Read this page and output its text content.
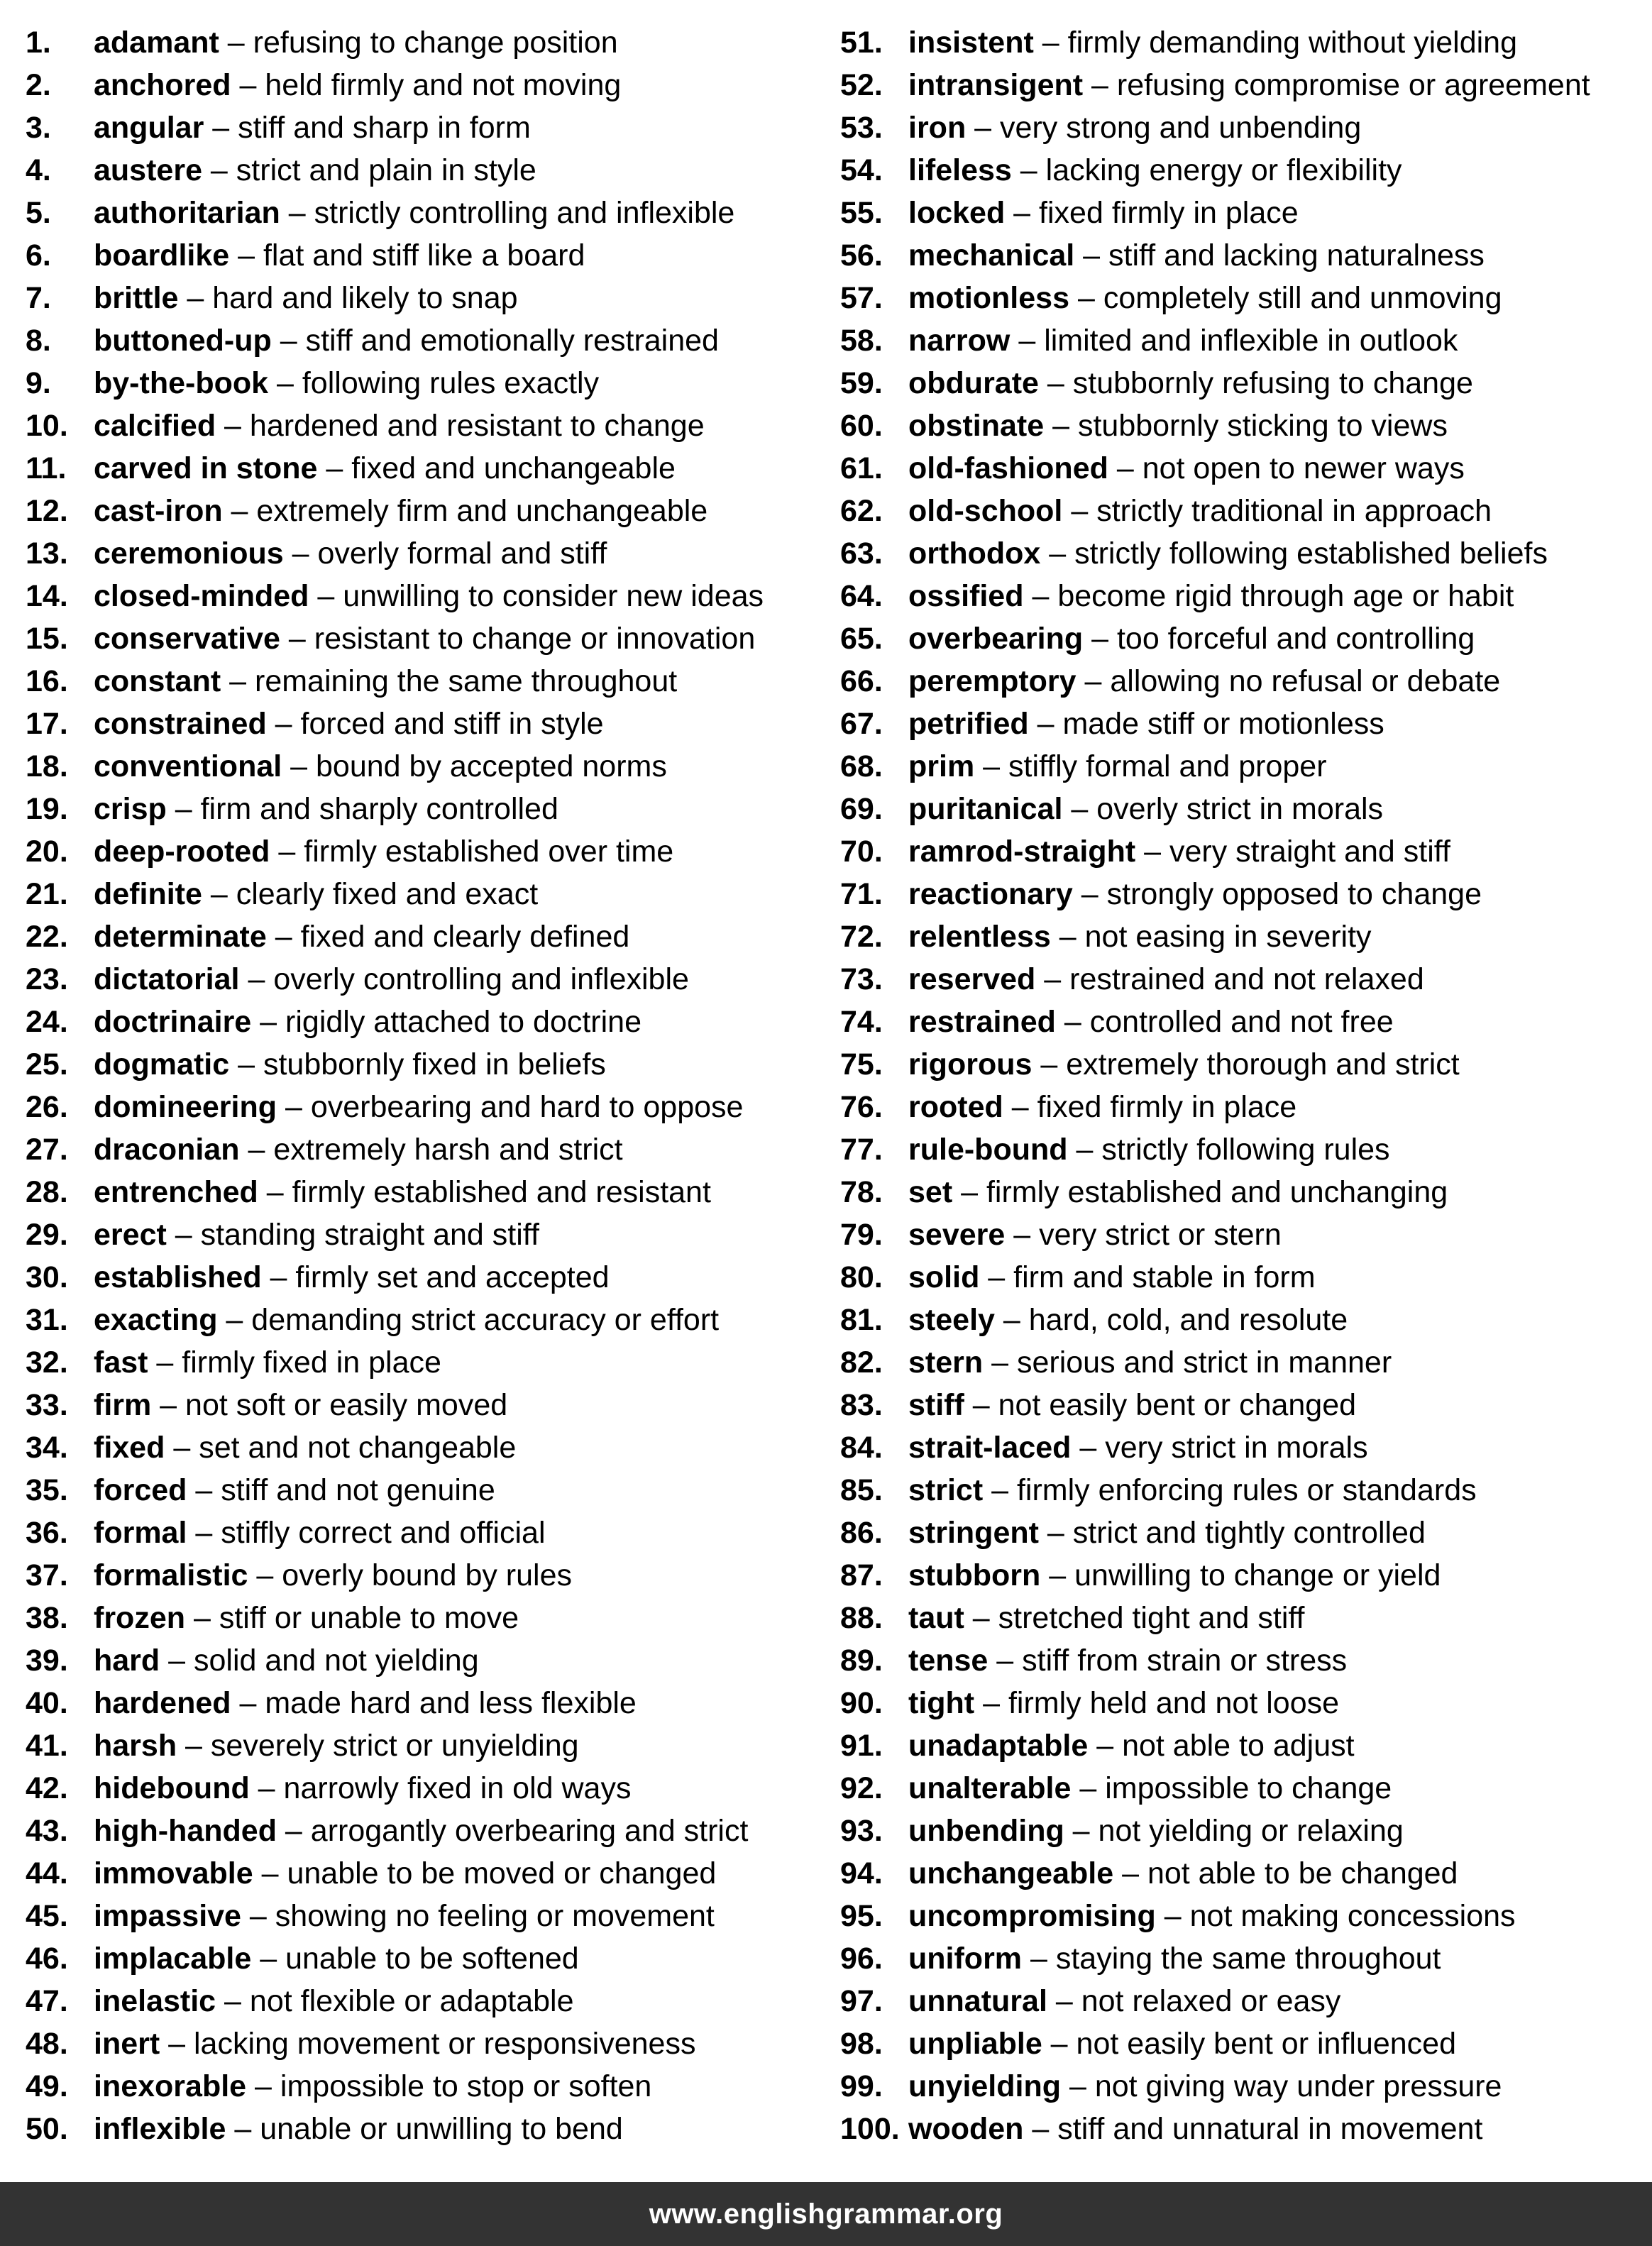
1.	adamant – refusing to change position
2.	anchored – held firmly and not moving
3.	angular – stiff and sharp in form
4.	austere – strict and plain in style
5.	authoritarian – strictly controlling and inflexible
6.	boardlike – flat and stiff like a board
7.	brittle – hard and likely to snap
8.	buttoned-up – stiff and emotionally restrained
9.	by-the-book – following rules exactly
10. calcified – hardened and resistant to change
11. carved in stone – fixed and unchangeable
12. cast-iron – extremely firm and unchangeable
13. ceremonious – overly formal and stiff
14. closed-minded – unwilling to consider new ideas
15. conservative – resistant to change or innovation
16. constant – remaining the same throughout
17. constrained – forced and stiff in style
18. conventional – bound by accepted norms
19. crisp – firm and sharply controlled
20. deep-rooted – firmly established over time
21. definite – clearly fixed and exact
22. determinate – fixed and clearly defined
23. dictatorial – overly controlling and inflexible
24. doctrinaire – rigidly attached to doctrine
25. dogmatic – stubbornly fixed in beliefs
26. domineering – overbearing and hard to oppose
27. draconian – extremely harsh and strict
28. entrenched – firmly established and resistant
29. erect – standing straight and stiff
30. established – firmly set and accepted
31. exacting – demanding strict accuracy or effort
32. fast – firmly fixed in place
33. firm – not soft or easily moved
34. fixed – set and not changeable
35. forced – stiff and not genuine
36. formal – stiffly correct and official
37. formalistic – overly bound by rules
38. frozen – stiff or unable to move
39. hard – solid and not yielding
40. hardened – made hard and less flexible
41. harsh – severely strict or unyielding
42. hidebound – narrowly fixed in old ways
43. high-handed – arrogantly overbearing and strict
44. immovable – unable to be moved or changed
45. impassive – showing no feeling or movement
46. implacable – unable to be softened
47. inelastic – not flexible or adaptable
48. inert – lacking movement or responsiveness
49. inexorable – impossible to stop or soften
50. inflexible – unable or unwilling to bend
51. insistent – firmly demanding without yielding
52. intransigent – refusing compromise or agreement
53. iron – very strong and unbending
54. lifeless – lacking energy or flexibility
55. locked – fixed firmly in place
56. mechanical – stiff and lacking naturalness
57. motionless – completely still and unmoving
58. narrow – limited and inflexible in outlook
59. obdurate – stubbornly refusing to change
60. obstinate – stubbornly sticking to views
61. old-fashioned – not open to newer ways
62. old-school – strictly traditional in approach
63. orthodox – strictly following established beliefs
64. ossified – become rigid through age or habit
65. overbearing – too forceful and controlling
66. peremptory – allowing no refusal or debate
67. petrified – made stiff or motionless
68. prim – stiffly formal and proper
69. puritanical – overly strict in morals
70. ramrod-straight – very straight and stiff
71. reactionary – strongly opposed to change
72. relentless – not easing in severity
73. reserved – restrained and not relaxed
74. restrained – controlled and not free
75. rigorous – extremely thorough and strict
76. rooted – fixed firmly in place
77. rule-bound – strictly following rules
78. set – firmly established and unchanging
79. severe – very strict or stern
80. solid – firm and stable in form
81. steely – hard, cold, and resolute
82. stern – serious and strict in manner
83. stiff – not easily bent or changed
84. strait-laced – very strict in morals
85. strict – firmly enforcing rules or standards
86. stringent – strict and tightly controlled
87. stubborn – unwilling to change or yield
88. taut – stretched tight and stiff
89. tense – stiff from strain or stress
90. tight – firmly held and not loose
91. unadaptable – not able to adjust
92. unalterable – impossible to change
93. unbending – not yielding or relaxing
94. unchangeable – not able to be changed
95. uncompromising – not making concessions
96. uniform – staying the same throughout
97. unnatural – not relaxed or easy
98. unpliable – not easily bent or influenced
99. unyielding – not giving way under pressure
100. wooden – stiff and unnatural in movement
www.englishgrammar.org
